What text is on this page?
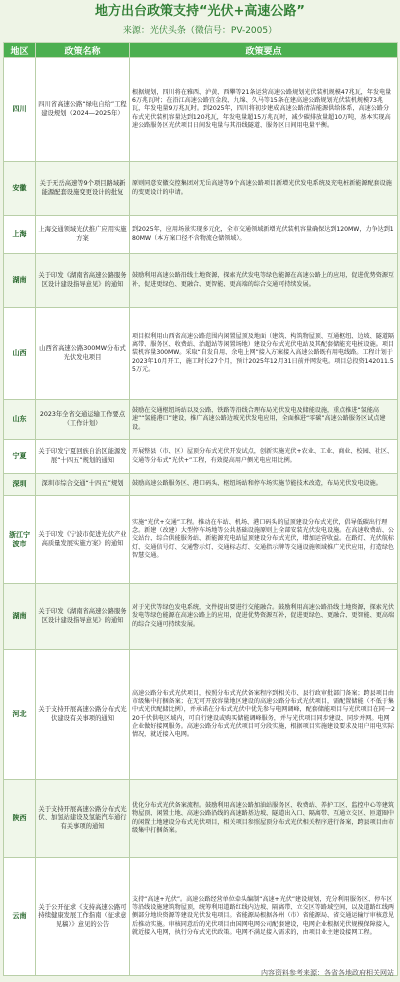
地方出台政策支持“光伏+高速公路”
来源：光伏头条（微信号：PV-2005）
地区	政策名称	政策要点
四川	四川省高速公路“绿电自给”工程建设规划（2024—2025年）	根据规划，四川将在雅西、泸黄、西攀等21条运营高速公路规划光伏装机规模47兆瓦，年发电量6万兆瓦时；在沿江高速公路宜金段、九绵、久马等15条在建高速公路规划光伏装机规模73兆瓦，年发电量9万兆瓦时。到2025年，四川将初步建成高速公路清洁能源供给体系，高速公路分布式光伏装机容量达到120兆瓦，年发电量超15万兆瓦时，减少碳排放量超10万吨，基本实现高速公路服务区光伏项目日间发电量与其沿线隧道、服务区日间用电量平衡。
安徽	关于无岳高速等9个项目路域新能源配套设施变更设计的批复	原则同意安徽交控集团对无岳高速等9个高速公路项目新增光伏发电系统及充电桩新能源配套设施的变更设计的申请。
上海	上海交通领域光伏推广应用实施方案	到2025年，应用场景实现多元化，全市交通领域新增光伏装机容量确保达到120MW，力争达到180MW（本方案口径不含物流仓储领域）。
湖南	关于印发《湖南省高速公路服务区设计建设指导意见》的通知	鼓励利用高速公路沿线土地资源，探索光伏发电等绿色能源在高速公路上的应用，促进优势资源互补，促进更绿色、更融合、更智能、更高端的综合交通可持续发展。
山西	山西省高速公路300MW分布式光伏发电项目	项目拟利用山西省高速公路范围内闲置屋顶及地面（建筑、构筑物屋顶、互通枢纽、边坡、隧道隔离带、服务区、收费站、治超站等闲置场地）建设分布式光伏电站及其配套储能充电桩设施。项目装机容量300MW。采取“自发自用、余电上网”接入方案接入高速公路既有用电线路。工程计划于2023年10月开工，施工时长27个月，预计2025年12月31日前并网发电。项目总投资142011.55万元。
山东	2023年全省交通运输工作要点（工作计划）	鼓励在交通枢纽场站以及公路、铁路等沿线合理布局光伏发电及储能设施，重点推进“氢能高速”“氢能港口”建设，推广高速公路边坡光伏发电应用，全面推进“零碳”高速公路服务区试点建设。
宁夏	关于印发宁夏回族自治区能源发展“十四五”规划的通知	开展整县（市、区）屋顶分布式光伏开发试点，创新实施光伏+农业、工业、商业、校园、社区、交通等分布式“光伏+”工程，有效提高用户侧光电应用比例。
深圳	深圳市综合交通“十四五”规划	鼓励高速公路服务区、港口码头、枢纽场站和停车场实施节能技术改造，布局光伏发电设施。
浙江宁波市	关于印发《宁波市促进光伏产业高质量发展实施方案》的通知	实施“光伏+交通”工程。推动在车站、机场、港口码头的屋顶建设分布式光伏，倡导低碳出行理念。新建（改建）大型停车场地等公共基础设施原则上全部安装光伏发电设施。在高速收费站、公交站台、综合供能服务站、新能源充电站屋顶建设分布式光伏，增加运营收益。在路灯、光伏航标灯、交通信号灯、交通警示灯、交通标志灯、交通指示牌等交通设施领域推广光伏应用，打造绿色智慧交通。
湖南	关于印发《湖南省高速公路服务区设计建设指导意见》的通知	对于光伏等绿色发电系统，文件提出要进行交能融合。鼓励利用高速公路沿线土地资源，探索光伏发电等绿色能源在高速公路上的应用，促进优势资源互补，促进更绿色、更融合、更智能、更高端的综合交通可持续发展。
河北	关于支持开展高速公路分布式光伏建设有关事项的通知	高速公路分布式光伏项目，按照分布式光伏备案程序到相关市、县行政审批部门备案；跨县项目由市级集中打捆备案；在无可开放容量地区建设的高速公路分布式光伏项目，需配置储能（不低于集中式光伏配储比例），并承诺在分布式光伏中优先参与电网调峰，配套储能项目与光伏项目在同一220千伏供电区域内，可自行建设或购买储能调峰服务，并与光伏项目同步建设、同步并网。电网企业做好接网服务。高速公路分布式光伏项目可分段实施，根据项目实施建设要求及用户用电实际情况，就近接入电网。
陕西	关于支持开展高速公路分布式光伏、加氢站建设及氢能汽车通行有关事项的通知	优化分布式光伏备案流程。鼓励利用高速公路加油站服务区、收费站、养护工区、监控中心等建筑物屋顶、闲置土地、高速公路沿线的高速路基边坡、隧道出入口、隔离带、互通立交区、匝道圈中的闲置土地建设分布式光伏项目，相关项目参照屋顶分布式光伏相关程序进行备案，跨县项目由市级集中打捆备案。
云南	关于公开征求《支持高速公路可持续健康发展工作指南（征求意见稿）》意见的公告	支持“高速+光伏”。高速公路经营单位牵头编制“高速+光伏”建设规划，充分利用服务区、停车区等沿线设施建筑物屋顶，统筹利用道路红线内边坡、隔离带、立交区等路域空间，以及道路红线两侧部分地块资源等建设光伏发电项目。省能源局根据各州（市）省能源局、省交通运输厅审核意见后推动实施。审核同意后的光伏项目由国网电网公司配套建设，电网企业根据光伏规模保障接入，就近接入电网，执行分布式光伏政策。电网不满足接入需求的，由项目业主建设接网工程。
内容资料参考来源：各省各地政府相关网站
